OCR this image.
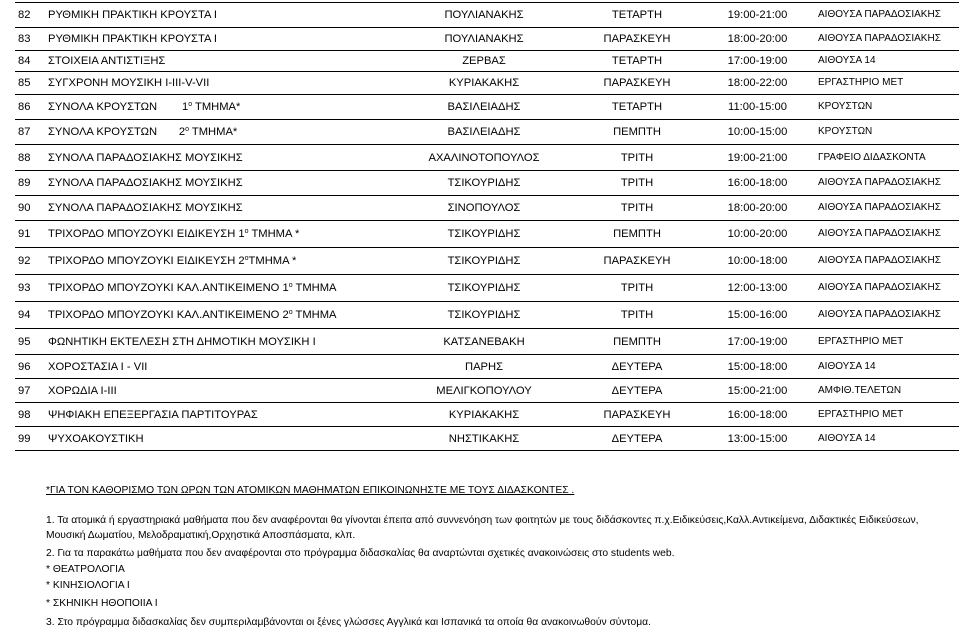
82	ΡΥΘΜΙΚΗ ΠΡΑΚΤΙΚΗ ΚΡΟΥΣΤΑ Ι	ΠΟΥΛΙΑΝΑΚΗΣ	ΤΕΤΑΡΤΗ	19:00-21:00	ΑΙΘΟΥΣΑ ΠΑΡΑΔΟΣΙΑΚΗΣ
83	ΡΥΘΜΙΚΗ ΠΡΑΚΤΙΚΗ ΚΡΟΥΣΤΑ Ι	ΠΟΥΛΙΑΝΑΚΗΣ	ΠΑΡΑΣΚΕΥΗ	18:00-20:00	ΑΙΘΟΥΣΑ ΠΑΡΑΔΟΣΙΑΚΗΣ
84	ΣΤΟΙΧΕΙΑ ΑΝΤΙΣΤΙΞΗΣ	ΖΕΡΒΑΣ	ΤΕΤΑΡΤΗ	17:00-19:00	ΑΙΘΟΥΣΑ 14
85	ΣΥΓΧΡΟΝΗ ΜΟΥΣΙΚΗ Ι-ΙΙΙ-V-VII	ΚΥΡΙΑΚΑΚΗΣ	ΠΑΡΑΣΚΕΥΗ	18:00-22:00	ΕΡΓΑΣΤΗΡΙΟ ΜΕΤ
86	ΣΥΝΟΛΑ ΚΡΟΥΣΤΩΝ        $1^o$ ΤΜΗΜΑ*	ΒΑΣΙΛΕΙΑΔΗΣ	ΤΕΤΑΡΤΗ	11:00-15:00	ΚΡΟΥΣΤΩΝ
87	ΣΥΝΟΛΑ ΚΡΟΥΣΤΩΝ       $2^o$ ΤΜΗΜΑ*	ΒΑΣΙΛΕΙΑΔΗΣ	ΠΕΜΠΤΗ	10:00-15:00	ΚΡΟΥΣΤΩΝ
88	ΣΥΝΟΛΑ ΠΑΡΑΔΟΣΙΑΚΗΣ ΜΟΥΣΙΚΗΣ	ΑΧΑΛΙΝΟΤΟΠΟΥΛΟΣ	ΤΡΙΤΗ	19:00-21:00	ΓΡΑΦΕΙΟ ΔΙΔΑΣΚΟΝΤΑ
89	ΣΥΝΟΛΑ ΠΑΡΑΔΟΣΙΑΚΗΣ ΜΟΥΣΙΚΗΣ	ΤΣΙΚΟΥΡΙΔΗΣ	ΤΡΙΤΗ	16:00-18:00	ΑΙΘΟΥΣΑ ΠΑΡΑΔΟΣΙΑΚΗΣ
90	ΣΥΝΟΛΑ ΠΑΡΑΔΟΣΙΑΚΗΣ ΜΟΥΣΙΚΗΣ	ΣΙΝΟΠΟΥΛΟΣ	ΤΡΙΤΗ	18:00-20:00	ΑΙΘΟΥΣΑ ΠΑΡΑΔΟΣΙΑΚΗΣ
91	ΤΡΙΧΟΡΔΟ ΜΠΟΥΖΟΥΚΙ ΕΙΔΙΚΕΥΣΗ $1^o$ ΤΜΗΜΑ *	ΤΣΙΚΟΥΡΙΔΗΣ	ΠΕΜΠΤΗ	10:00-20:00	ΑΙΘΟΥΣΑ ΠΑΡΑΔΟΣΙΑΚΗΣ
92	ΤΡΙΧΟΡΔΟ ΜΠΟΥΖΟΥΚΙ ΕΙΔΙΚΕΥΣΗ $2^oTMHMA$ *	ΤΣΙΚΟΥΡΙΔΗΣ	ΠΑΡΑΣΚΕΥΗ	10:00-18:00	ΑΙΘΟΥΣΑ ΠΑΡΑΔΟΣΙΑΚΗΣ
93	ΤΡΙΧΟΡΔΟ ΜΠΟΥΖΟΥΚΙ ΚΑΛ.ΑΝΤΙΚΕΙΜΕΝΟ $1^o$ ΤΜΗΜΑ	ΤΣΙΚΟΥΡΙΔΗΣ	ΤΡΙΤΗ	12:00-13:00	ΑΙΘΟΥΣΑ ΠΑΡΑΔΟΣΙΑΚΗΣ
94	ΤΡΙΧΟΡΔΟ ΜΠΟΥΖΟΥΚΙ ΚΑΛ.ΑΝΤΙΚΕΙΜΕΝΟ $2^o$ ΤΜΗΜΑ	ΤΣΙΚΟΥΡΙΔΗΣ	ΤΡΙΤΗ	15:00-16:00	ΑΙΘΟΥΣΑ ΠΑΡΑΔΟΣΙΑΚΗΣ
95	ΦΩΝΗΤΙΚΗ ΕΚΤΕΛΕΣΗ ΣΤΗ ΔΗΜΟΤΙΚΗ ΜΟΥΣΙΚΗ Ι	ΚΑΤΣΑΝΕΒΑΚΗ	ΠΕΜΠΤΗ	17:00-19:00	ΕΡΓΑΣΤΗΡΙΟ ΜΕΤ
96	ΧΟΡΟΣΤΑΣΙΑ Ι - VII	ΠΑΡΗΣ	ΔΕΥΤΕΡΑ	15:00-18:00	ΑΙΘΟΥΣΑ 14
97	ΧΟΡΩΔΙΑ Ι-ΙΙΙ	ΜΕΛΙΓΚΟΠΟΥΛΟΥ	ΔΕΥΤΕΡΑ	15:00-21:00	ΑΜΦΙΘ.ΤΕΛΕΤΩΝ
98	ΨΗΦΙΑΚΗ ΕΠΕΞΕΡΓΑΣΙΑ ΠΑΡΤΙΤΟΥΡΑΣ	ΚΥΡΙΑΚΑΚΗΣ	ΠΑΡΑΣΚΕΥΗ	16:00-18:00	ΕΡΓΑΣΤΗΡΙΟ ΜΕΤ
99	ΨΥΧΟΑΚΟΥΣΤΙΚΗ	ΝΗΣΤΙΚΑΚΗΣ	ΔΕΥΤΕΡΑ	13:00-15:00	ΑΙΘΟΥΣΑ 14
*ΓΙΑ ΤΟΝ ΚΑΘΟΡΙΣΜΟ ΤΩΝ ΩΡΩΝ ΤΩΝ ΑΤΟΜΙΚΩΝ ΜΑΘΗΜΑΤΩΝ ΕΠΙΚΟΙΝΩΝΗΣΤΕ ΜΕ ΤΟΥΣ ΔΙΔΑΣΚΟΝΤΕΣ .
1. Τα ατομικά ή εργαστηριακά μαθήματα που δεν αναφέρονται θα γίνονται έπειτα από συννενόηση των φοιτητών με τους διδάσκοντες π.χ.Ειδικεύσεις,Καλλ.Αντικείμενα, Διδακτικές Ειδικεύσεων,
Μουσική Δωματίου, Μελοδραματική,Ορχηστικά Αποσπάσματα, κλπ.
2. Για τα παρακάτω μαθήματα που δεν αναφέρονται στο πρόγραμμα διδασκαλίας θα αναρτώνται σχετικές ανακοινώσεις στο students web.
* ΘΕΑΤΡΟΛΟΓΙΑ
* ΚΙΝΗΣΙΟΛΟΓΙΑ Ι
* ΣΚΗΝΙΚΗ ΗΘΟΠΟΙΙΑ Ι
3. Στο πρόγραμμα διδασκαλίας δεν συμπεριλαμβάνονται οι ξένες γλώσσες Αγγλικά και Ισπανικά τα οποία θα ανακοινωθούν σύντομα.
